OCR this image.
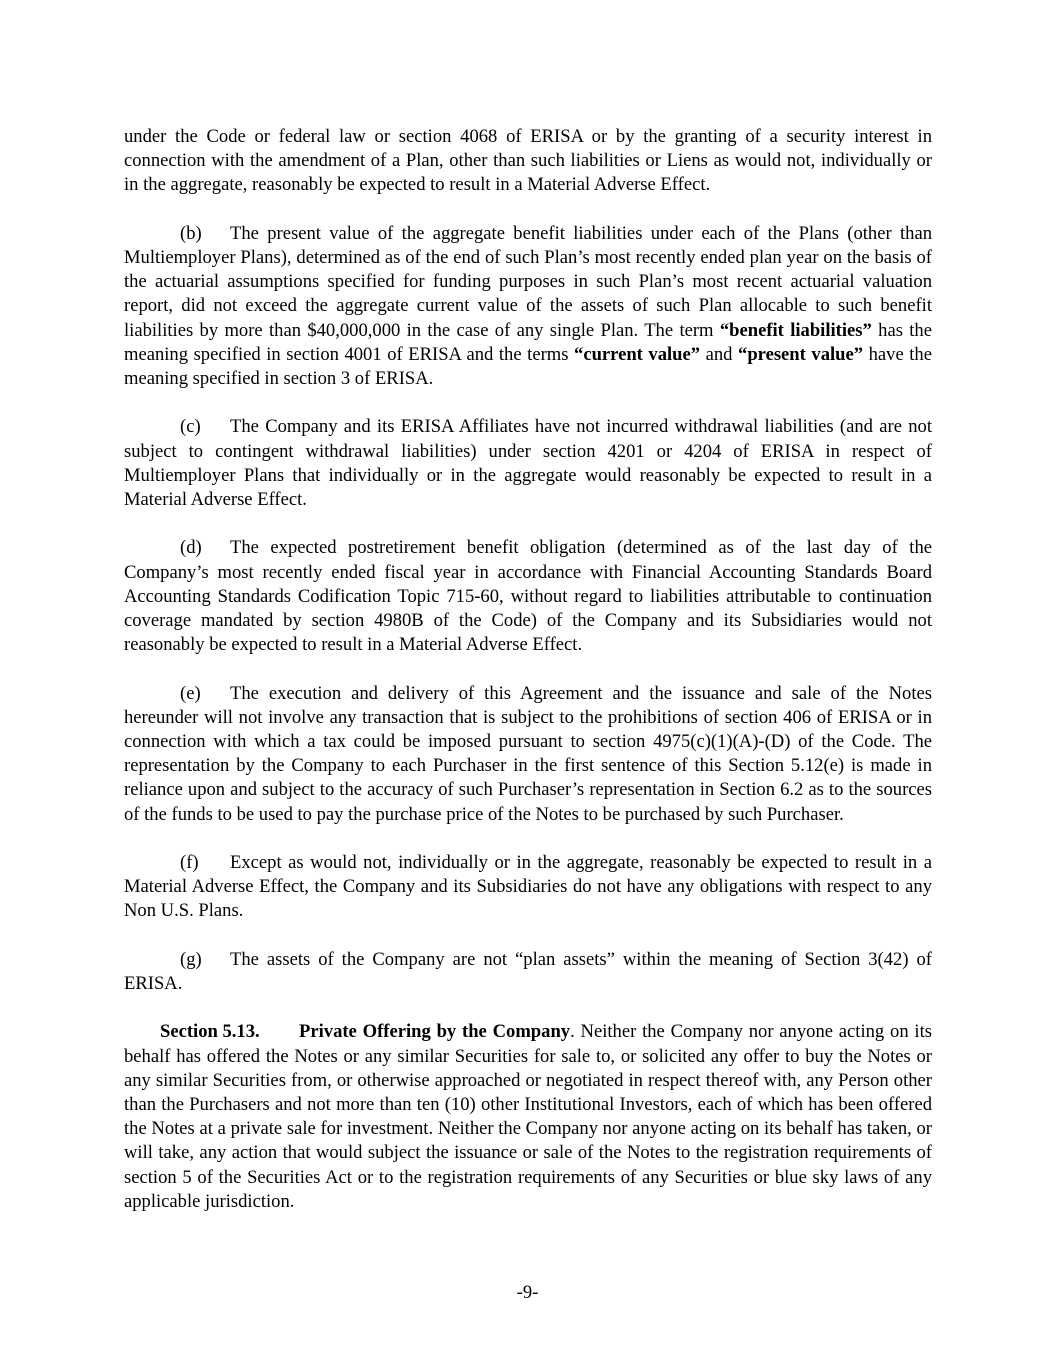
under the Code or federal law or section 4068 of ERISA or by the granting of a security interest in connection with the amendment of a Plan, other than such liabilities or Liens as would not, individually or in the aggregate, reasonably be expected to result in a Material Adverse Effect.

(b) The present value of the aggregate benefit liabilities under each of the Plans (other than Multiemployer Plans), determined as of the end of such Plan’s most recently ended plan year on the basis of the actuarial assumptions specified for funding purposes in such Plan’s most recent actuarial valuation report, did not exceed the aggregate current value of the assets of such Plan allocable to such benefit liabilities by more than $40,000,000 in the case of any single Plan. The term “benefit liabilities” has the meaning specified in section 4001 of ERISA and the terms “current value” and “present value” have the meaning specified in section 3 of ERISA.

(c) The Company and its ERISA Affiliates have not incurred withdrawal liabilities (and are not subject to contingent withdrawal liabilities) under section 4201 or 4204 of ERISA in respect of Multiemployer Plans that individually or in the aggregate would reasonably be expected to result in a Material Adverse Effect.

(d) The expected postretirement benefit obligation (determined as of the last day of the Company’s most recently ended fiscal year in accordance with Financial Accounting Standards Board Accounting Standards Codification Topic 715-60, without regard to liabilities attributable to continuation coverage mandated by section 4980B of the Code) of the Company and its Subsidiaries would not reasonably be expected to result in a Material Adverse Effect.

(e) The execution and delivery of this Agreement and the issuance and sale of the Notes hereunder will not involve any transaction that is subject to the prohibitions of section 406 of ERISA or in connection with which a tax could be imposed pursuant to section 4975(c)(1)(A)-(D) of the Code. The representation by the Company to each Purchaser in the first sentence of this Section 5.12(e) is made in reliance upon and subject to the accuracy of such Purchaser’s representation in Section 6.2 as to the sources of the funds to be used to pay the purchase price of the Notes to be purchased by such Purchaser.

(f) Except as would not, individually or in the aggregate, reasonably be expected to result in a Material Adverse Effect, the Company and its Subsidiaries do not have any obligations with respect to any Non U.S. Plans.

(g) The assets of the Company are not “plan assets” within the meaning of Section 3(42) of ERISA.

Section 5.13. Private Offering by the Company. Neither the Company nor anyone acting on its behalf has offered the Notes or any similar Securities for sale to, or solicited any offer to buy the Notes or any similar Securities from, or otherwise approached or negotiated in respect thereof with, any Person other than the Purchasers and not more than ten (10) other Institutional Investors, each of which has been offered the Notes at a private sale for investment. Neither the Company nor anyone acting on its behalf has taken, or will take, any action that would subject the issuance or sale of the Notes to the registration requirements of section 5 of the Securities Act or to the registration requirements of any Securities or blue sky laws of any applicable jurisdiction.

-9-
